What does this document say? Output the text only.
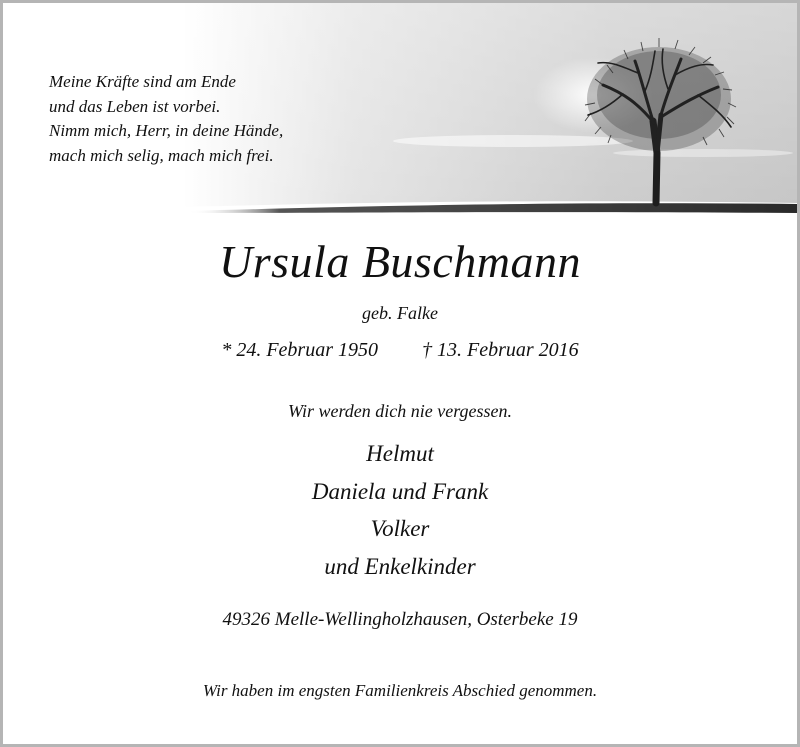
Meine Kräfte sind am Ende
und das Leben ist vorbei.
Nimm mich, Herr, in deine Hände,
mach mich selig, mach mich frei.
Ursula Buschmann
geb. Falke
* 24. Februar 1950 † 13. Februar 2016
Wir werden dich nie vergessen.
Helmut
Daniela und Frank
Volker
und Enkelkinder
49326 Melle-Wellingholzhausen, Osterbeke 19
Wir haben im engsten Familienkreis Abschied genommen.
